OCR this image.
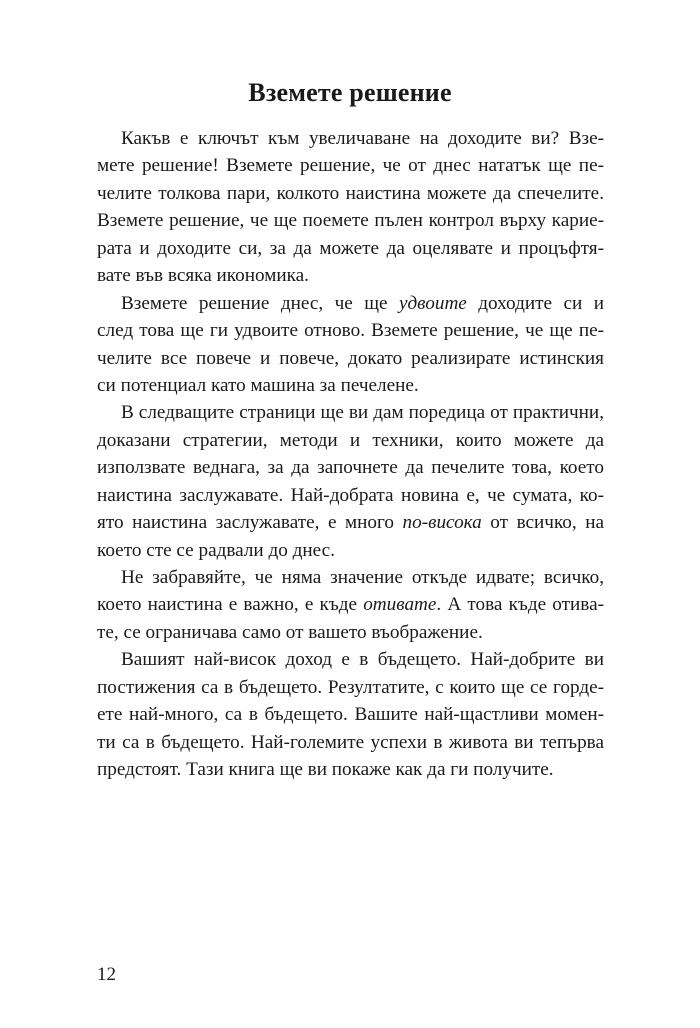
Вземете решение
Какъв е ключът към увеличаване на доходите ви? Взе-
мете решение! Вземете решение, че от днес нататък ще пе-
челите толкова пари, колкото наистина можете да спечелите.
Вземете решение, че ще поемете пълен контрол върху карие-
рата и доходите си, за да можете да оцелявате и процъфтя-
вате във всяка икономика.
Вземете решение днес, че ще удвоите доходите си и
след това ще ги удвоите отново. Вземете решение, че ще пе-
челите все повече и повече, докато реализирате истинския
си потенциал като машина за печелене.
В следващите страници ще ви дам поредица от практични,
доказани стратегии, методи и техники, които можете да
използвате веднага, за да започнете да печелите това, което
наистина заслужавате. Най-добрата новина е, че сумата, ко-
ято наистина заслужавате, е много по-висока от всичко, на
което сте се радвали до днес.
Не забравяйте, че няма значение откъде идвате; всичко,
което наистина е важно, е къде отивате. А това къде отива-
те, се ограничава само от вашето въображение.
Вашият най-висок доход е в бъдещето. Най-добрите ви
постижения са в бъдещето. Резултатите, с които ще се горде-
ете най-много, са в бъдещето. Вашите най-щастливи момен-
ти са в бъдещето. Най-големите успехи в живота ви тепърва
предстоят. Тази книга ще ви покаже как да ги получите.

12
